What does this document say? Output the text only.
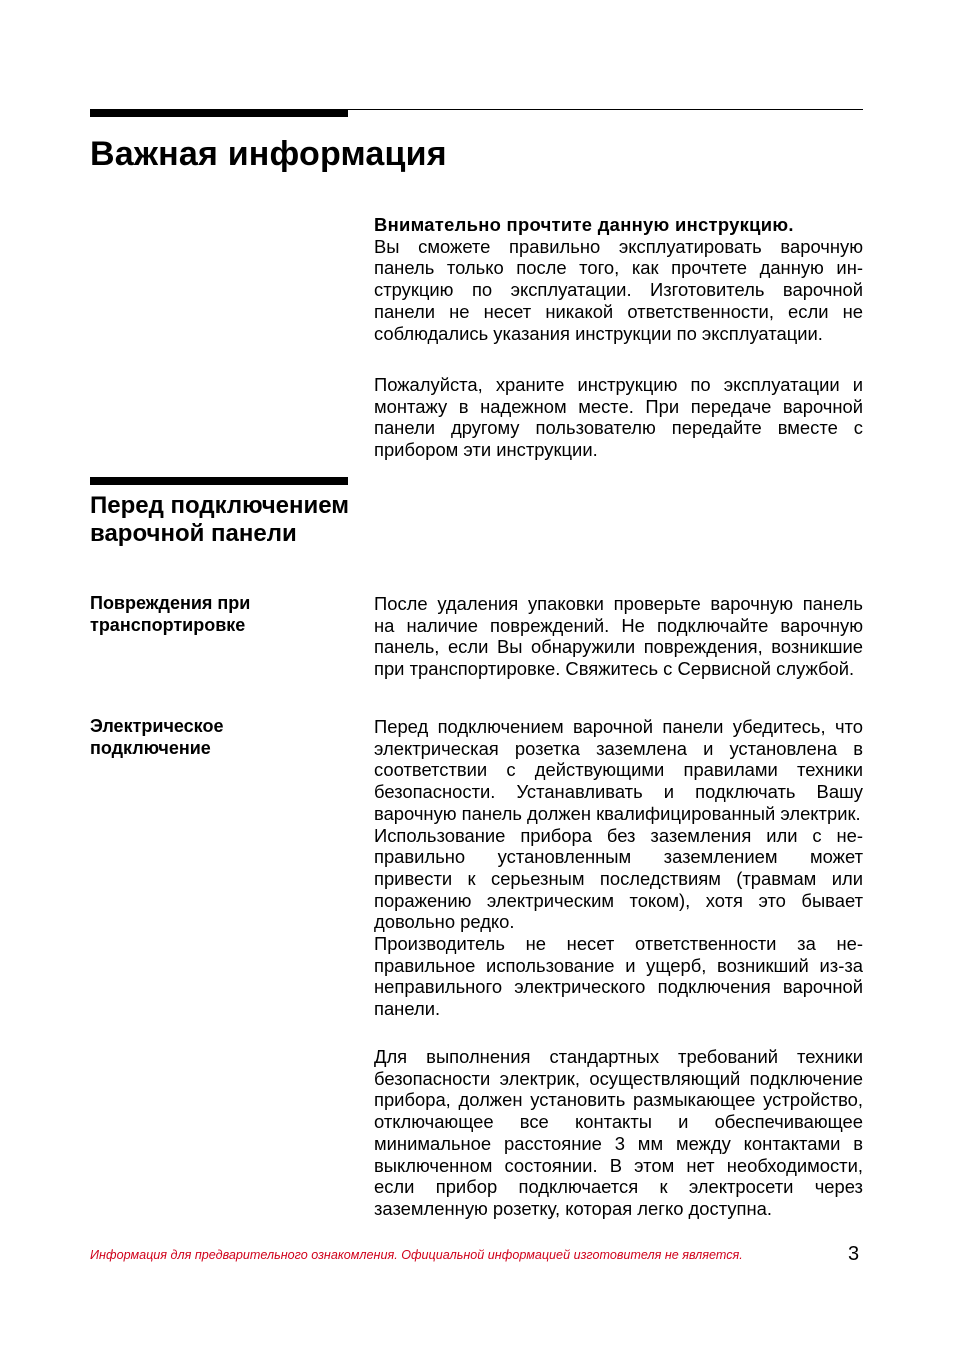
Важная информация

Внимательно прочтите данную инструкцию.
Вы сможете правильно эксплуатировать варочную панель только после того, как прочтете данную инструкцию по эксплуатации. Изготовитель варочной панели не несет никакой ответственности, если не соблюдались указания инструкции по эксплуатации.

Пожалуйста, храните инструкцию по эксплуатации и монтажу в надежном месте. При передаче варочной панели другому пользователю передайте вместе с прибором эти инструкции.

Перед подключением варочной панели
Повреждения при транспортировке

После удаления упаковки проверьте варочную панель на наличие повреждений. Не подключайте варочную панель, если Вы обнаружили повреждения, возникшие при транспортировке. Свяжитесь с Сервисной службой.

Электрическое подключение

Перед подключением варочной панели убедитесь, что электрическая розетка заземлена и установлена в соответствии с действующими правилами техники безопасности. Устанавливать и подключать Вашу варочную панель должен квалифицированный электрик.
Использование прибора без заземления или с неправильно установленным заземлением может привести к серьезным последствиям (травмам или поражению электрическим током), хотя это бывает довольно редко.
Производитель не несет ответственности за неправильное использование и ущерб, возникший из-за неправильного электрического подключения варочной панели.

Для выполнения стандартных требований техники безопасности электрик, осуществляющий подключение прибора, должен установить размыкающее устройство, отключающее все контакты и обеспечивающее минимальное расстояние 3 мм между контактами в выключенном состоянии. В этом нет необходимости, если прибор подключается к электросети через заземленную розетку, которая легко доступна.

Информация для предварительного ознакомления. Официальной информацией изготовителя не является.	3
